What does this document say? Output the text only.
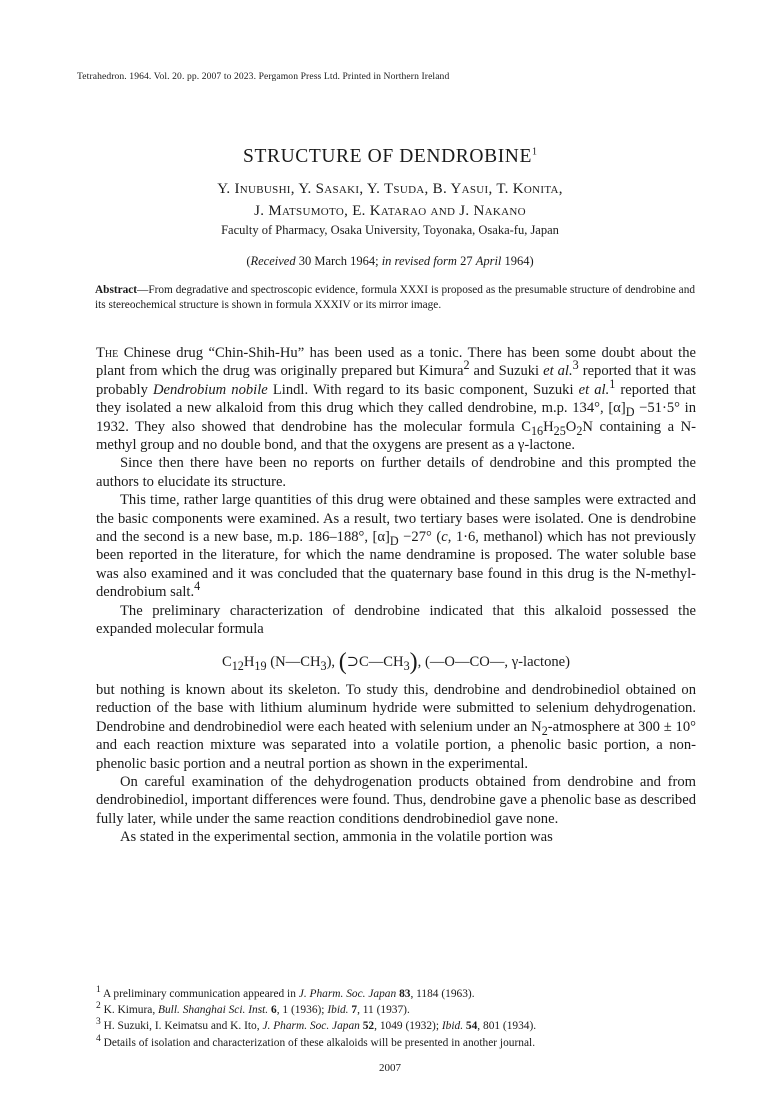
Tetrahedron. 1964. Vol. 20. pp. 2007 to 2023. Pergamon Press Ltd. Printed in Northern Ireland
STRUCTURE OF DENDROBINE$^1$
Y. Inubushi, Y. Sasaki, Y. Tsuda, B. Yasui, T. Konita,
J. Matsumoto, E. Katarao and J. Nakano
Faculty of Pharmacy, Osaka University, Toyonaka, Osaka-fu, Japan
(Received 30 March 1964; in revised form 27 April 1964)
Abstract—From degradative and spectroscopic evidence, formula XXXI is proposed as the presumable structure of dendrobine and its stereochemical structure is shown in formula XXXIV or its mirror image.

The Chinese drug “Chin-Shih-Hu” has been used as a tonic. There has been some doubt about the plant from which the drug was originally prepared but Kimura$^2$ and Suzuki et al.$^3$ reported that it was probably Dendrobium nobile Lindl. With regard to its basic component, Suzuki et al.$^1$ reported that they isolated a new alkaloid from this drug which they called dendrobine, m.p. 134°, $[\alpha]_D -51\cdot 5^\circ$ in 1932. They also showed that dendrobine has the molecular formula $C_{16}H_{25}O_2N$ containing a N-methyl group and no double bond, and that the oxygens are present as a γ-lactone.

Since then there have been no reports on further details of dendrobine and this prompted the authors to elucidate its structure.

This time, rather large quantities of this drug were obtained and these samples were extracted and the basic components were examined. As a result, two tertiary bases were isolated. One is dendrobine and the second is a new base, m.p. 186–188°, $[\alpha]_D -27^\circ$ (c, 1·6, methanol) which has not previously been reported in the literature, for which the name dendramine is proposed. The water soluble base was also examined and it was concluded that the quaternary base found in this drug is the N-methyl-dendrobium salt.$^4$

The preliminary characterization of dendrobine indicated that this alkaloid possessed the expanded molecular formula

$C_{12}H_{19}$ $(N—CH_3)$, $(⊃C—CH_3)$, (—O—CO—, γ-lactone)

but nothing is known about its skeleton. To study this, dendrobine and dendrobinediol obtained on reduction of the base with lithium aluminum hydride were submitted to selenium dehydrogenation. Dendrobine and dendrobinediol were each heated with selenium under an $N_2$-atmosphere at 300 ± 10° and each reaction mixture was separated into a volatile portion, a phenolic basic portion, a non-phenolic basic portion and a neutral portion as shown in the experimental.

On careful examination of the dehydrogenation products obtained from dendrobine and from dendrobinediol, important differences were found. Thus, dendrobine gave a phenolic base as described fully later, while under the same reaction conditions dendrobinediol gave none.

As stated in the experimental section, ammonia in the volatile portion was

$^1$ A preliminary communication appeared in J. Pharm. Soc. Japan 83, 1184 (1963).
$^2$ K. Kimura, Bull. Shanghai Sci. Inst. 6, 1 (1936); Ibid. 7, 11 (1937).
$^3$ H. Suzuki, I. Keimatsu and K. Ito, J. Pharm. Soc. Japan 52, 1049 (1932); Ibid. 54, 801 (1934).
$^4$ Details of isolation and characterization of these alkaloids will be presented in another journal.
2007
